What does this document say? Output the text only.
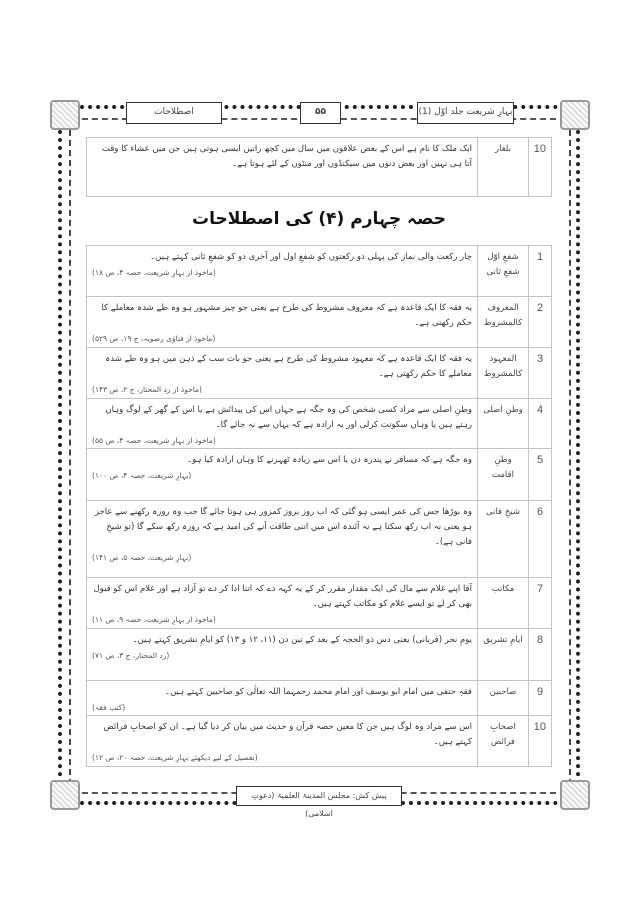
بہارِ شریعت جلد اوّل (1)
۵۵
اصطلاحات
10	بلغار	ایک ملک کا نام ہے اس کے بعض علاقوں میں سال میں کچھ راتیں ایسی ہوتی ہیں جن میں عشاء کا وقت آتا ہی نہیں اور بعض دنوں میں سیکنڈوں اور منٹوں کے لئے ہوتا ہے۔
حصہ چہارم (۴) کی اصطلاحات
1	شفعِ اوّل شفعِ ثانی	چار رکعت والی نماز کی پہلی دو رکعتوں کو شفعِ اول اور آخری دو کو شفعِ ثانی کہتے ہیں۔
(ماخوذ از بہارِ شریعت، حصہ ۴، ص ۱۸)

2	المعروف کالمشروط	یہ فقہ کا ایک قاعدہ ہے کہ معروف مشروط کی طرح ہے یعنی جو چیز مشہور ہو وہ طے شدہ معاملے کا حکم رکھتی ہے۔
(ماخوذ از فتاوٰی رضویہ، ج ۱۹، ص ۵۲۹)

3	المعہود کالمشروط	یہ فقہ کا ایک قاعدہ ہے کہ معہود مشروط کی طرح ہے یعنی جو بات سب کے ذہن میں ہو وہ طے شدہ معاملے کا حکم رکھتی ہے۔
(ماخوذ از رد المحتار، ج ۲، ص ۱۴۳)

4	وطنِ اصلی	وطنِ اصلی سے مراد کسی شخص کی وہ جگہ ہے جہاں اس کی پیدائش ہے یا اس کے گھر کے لوگ وہاں رہتے ہیں یا وہاں سکونت کرلی اور یہ ارادہ ہے کہ یہاں سے نہ جائے گا۔
(ماخوذ از بہارِ شریعت، حصہ ۴، ص ۵۵)

5	وطنِ اقامت	وہ جگہ ہے کہ مسافر نے پندرہ دن یا اس سے زیادہ ٹھہرنے کا وہاں ارادہ کیا ہو۔
(بہارِ شریعت، حصہ ۴، ص ۱۰۰)

6	شیخِ فانی	وہ بوڑھا جس کی عمر ایسی ہو گئی کہ اب روز بروز کمزور ہی ہوتا جائے گا جب وہ روزہ رکھنے سے عاجز ہو یعنی نہ اب رکھ سکتا ہے نہ آئندہ اس میں اتنی طاقت آنے کی امید ہے کہ روزہ رکھ سکے گا (تو شیخِ فانی ہے)۔
(بہارِ شریعت، حصہ ۵، ص ۱۴۱)

7	مکاتب	آقا اپنے غلام سے مال کی ایک مقدار مقرر کر کے یہ کہہ دے کہ اتنا ادا کر دے تو آزاد ہے اور غلام اس کو قبول بھی کر لے تو ایسے غلام کو مکاتب کہتے ہیں۔
(ماخوذ از بہارِ شریعت، حصہ ۹، ص ۱۱)

8	ایامِ تشریق	یومِ نحر (قربانی) یعنی دس ذو الحجہ کے بعد کے تین دن (۱۱، ۱۲ و ۱۳) کو ایامِ تشریق کہتے ہیں۔
(رد المحتار، ج ۳، ص ۷۱)

9	صاحبین	فقہِ حنفی میں امام ابو یوسف اور امام محمد رحمہما اللہ تعالٰی کو صاحبین کہتے ہیں۔
(کتب فقہ)

10	اصحابِ فرائض	اس سے مراد وہ لوگ ہیں جن کا معین حصہ قرآن و حدیث میں بیان کر دیا گیا ہے۔ ان کو اصحابِ فرائض کہتے ہیں۔
(تفصیل کے لیے دیکھئے بہارِ شریعت، حصہ ۲۰، ص ۱۲)
پیش کش: مجلس المدینۃ العلمیۃ (دعوتِ اسلامی)
